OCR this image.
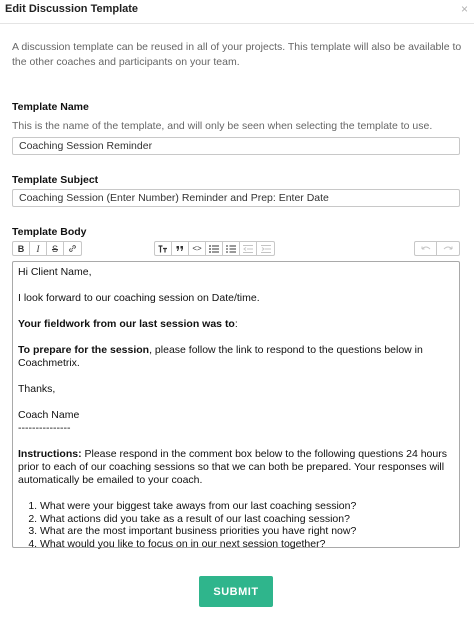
Edit Discussion Template	×

A discussion template can be reused in all of your projects. This template will also be available to the other coaches and participants on your team.

Template Name
This is the name of the template, and will only be seen when selecting the template to use.
Coaching Session Reminder
Template Subject
Coaching Session (Enter Number) Reminder and Prep: Enter Date
Template Body
B	I	S	<>

Hi Client Name,

I look forward to our coaching session on Date/time.

Your fieldwork from our last session was to:

To prepare for the session, please follow the link to respond to the questions below in Coachmetrix.

Thanks,

Coach Name

---------------

Instructions: Please respond in the comment box below to the following questions 24 hours prior to each of our coaching sessions so that we can both be prepared. Your responses will automatically be emailed to your coach.

1. What were your biggest take aways from our last coaching session?
2. What actions did you take as a result of our last coaching session?
3. What are the most important business priorities you have right now?
4. What would you like to focus on in our next session together?
SUBMIT
